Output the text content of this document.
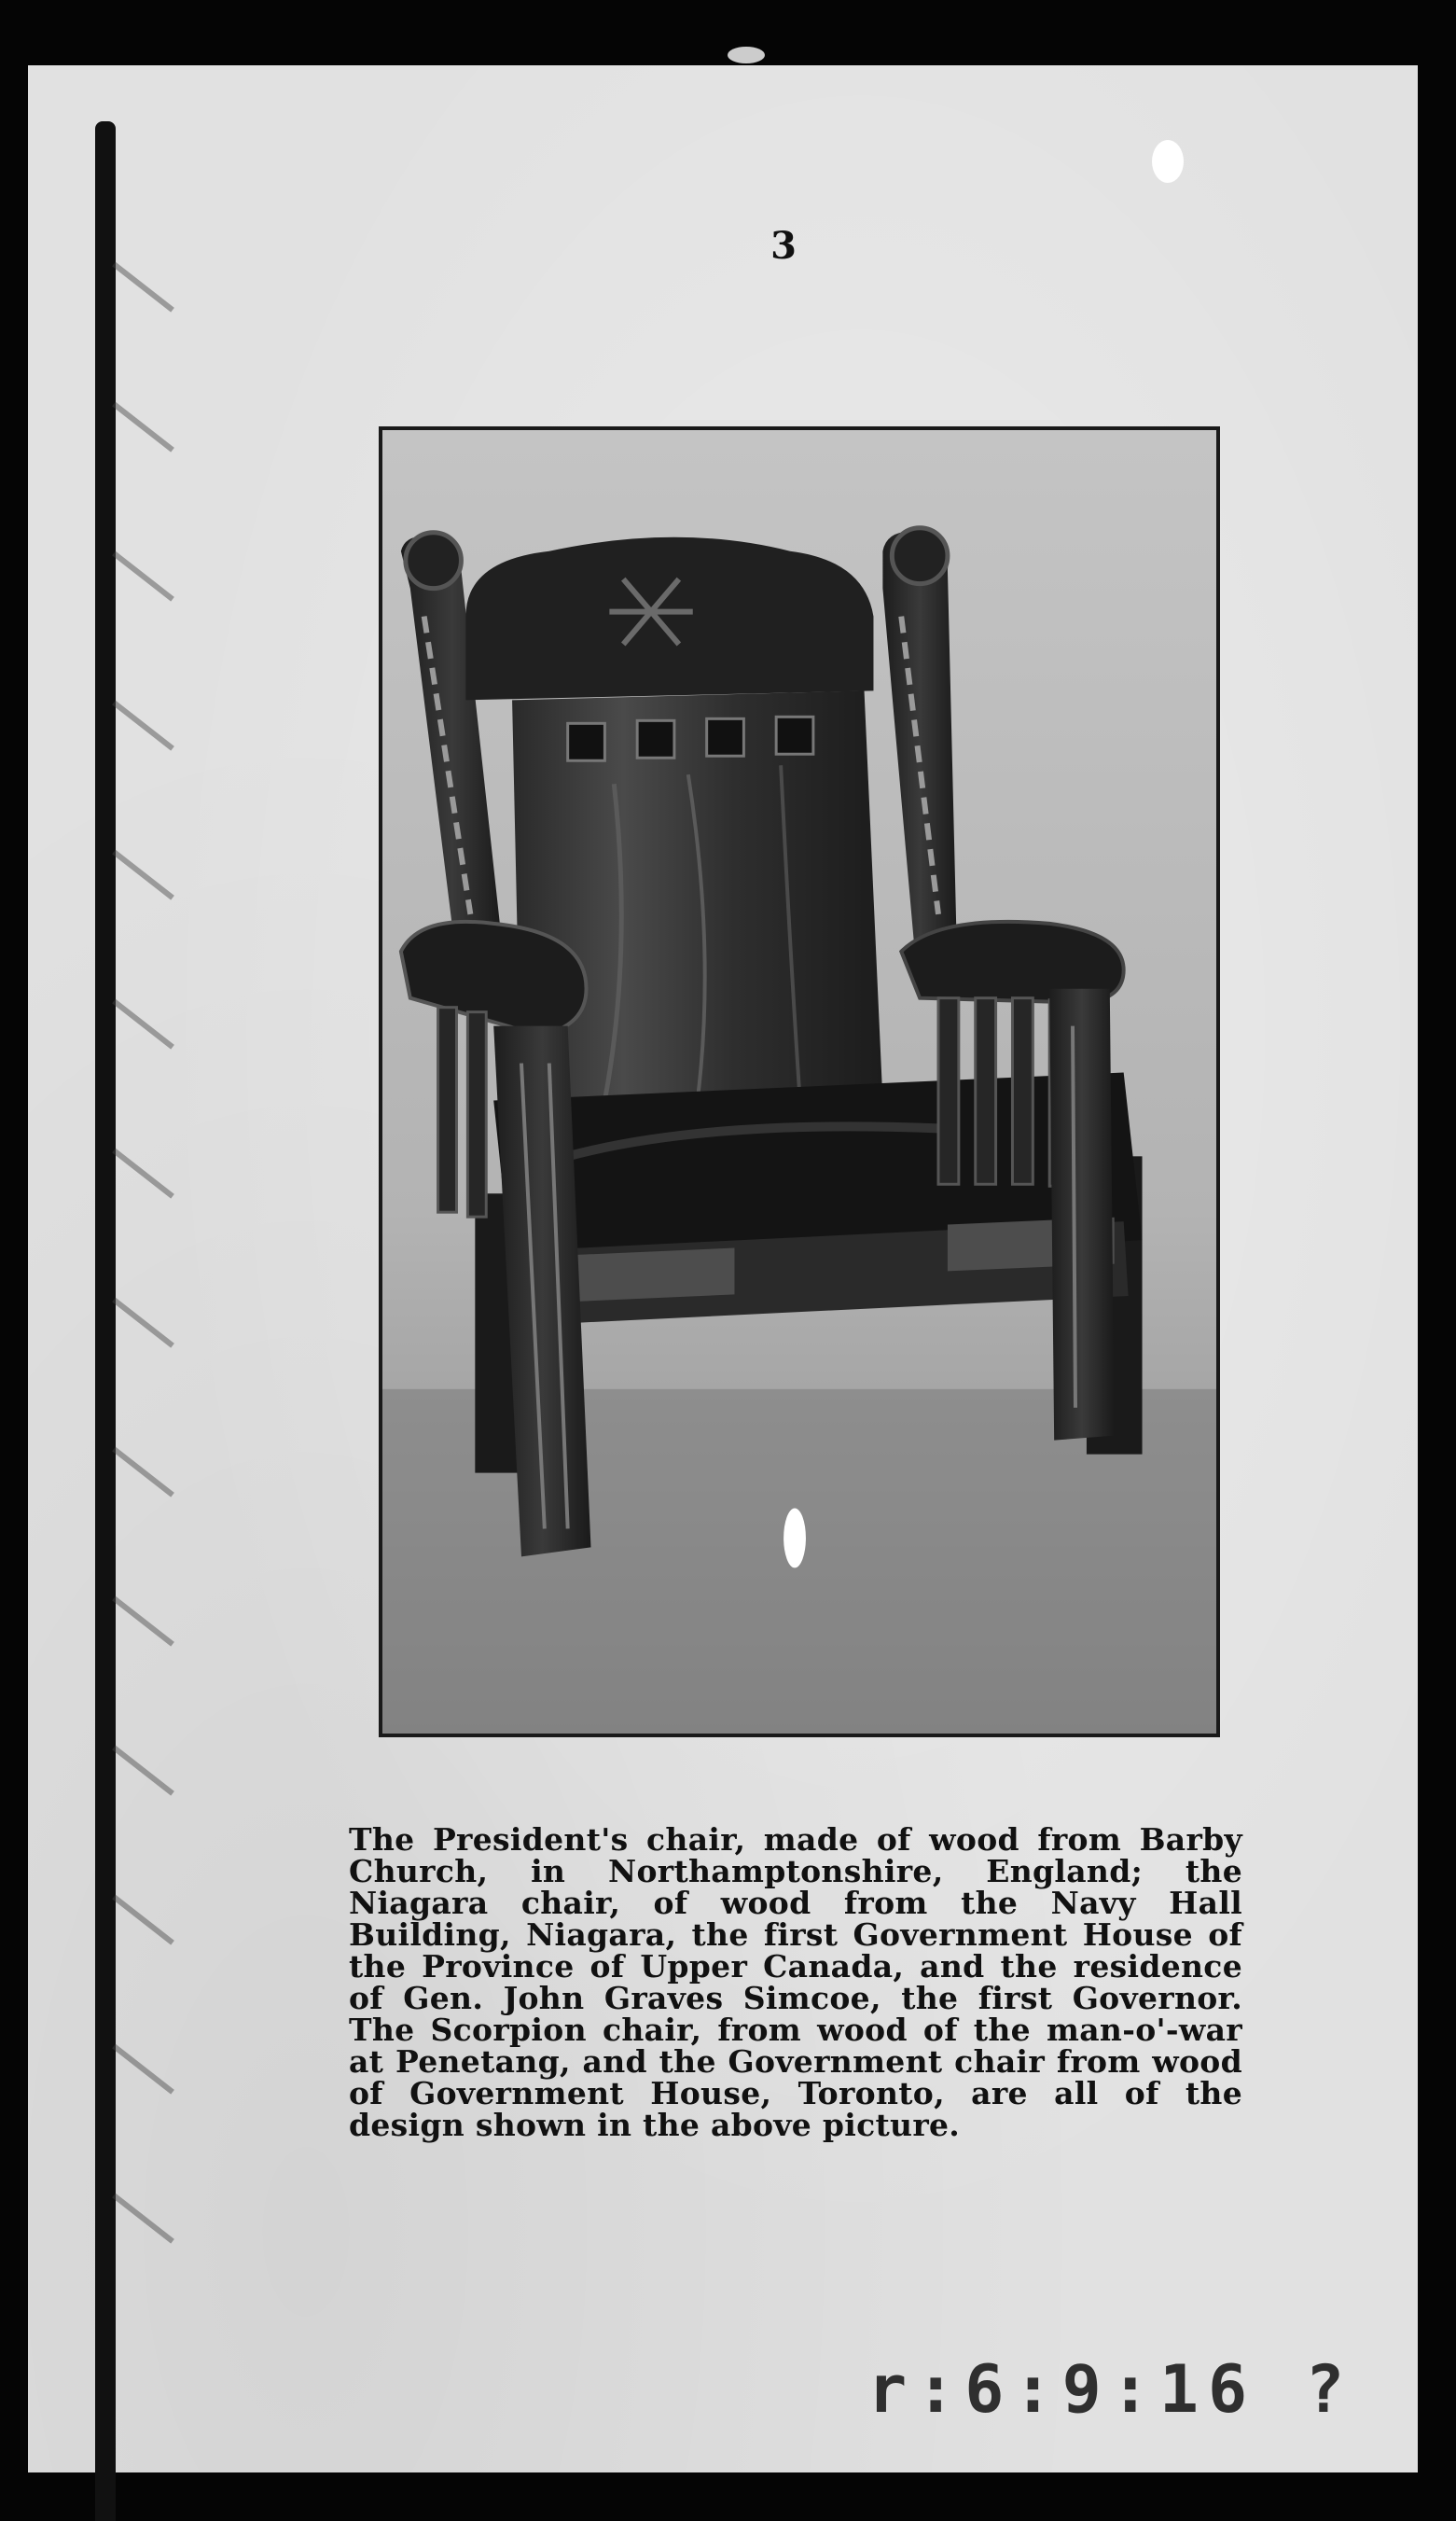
3

The President's chair, made of wood from Barby Church, in Northamptonshire, England; the Niagara chair, of wood from the Navy Hall Building, Niagara, the first Government House of the Province of Upper Canada, and the residence of Gen. John Graves Simcoe, the first Governor. The Scorpion chair, from wood of the man-o'-war at Penetang, and the Government chair from wood of Government House, Toronto, are all of the design shown in the above picture.

r:6:9:16 ?
